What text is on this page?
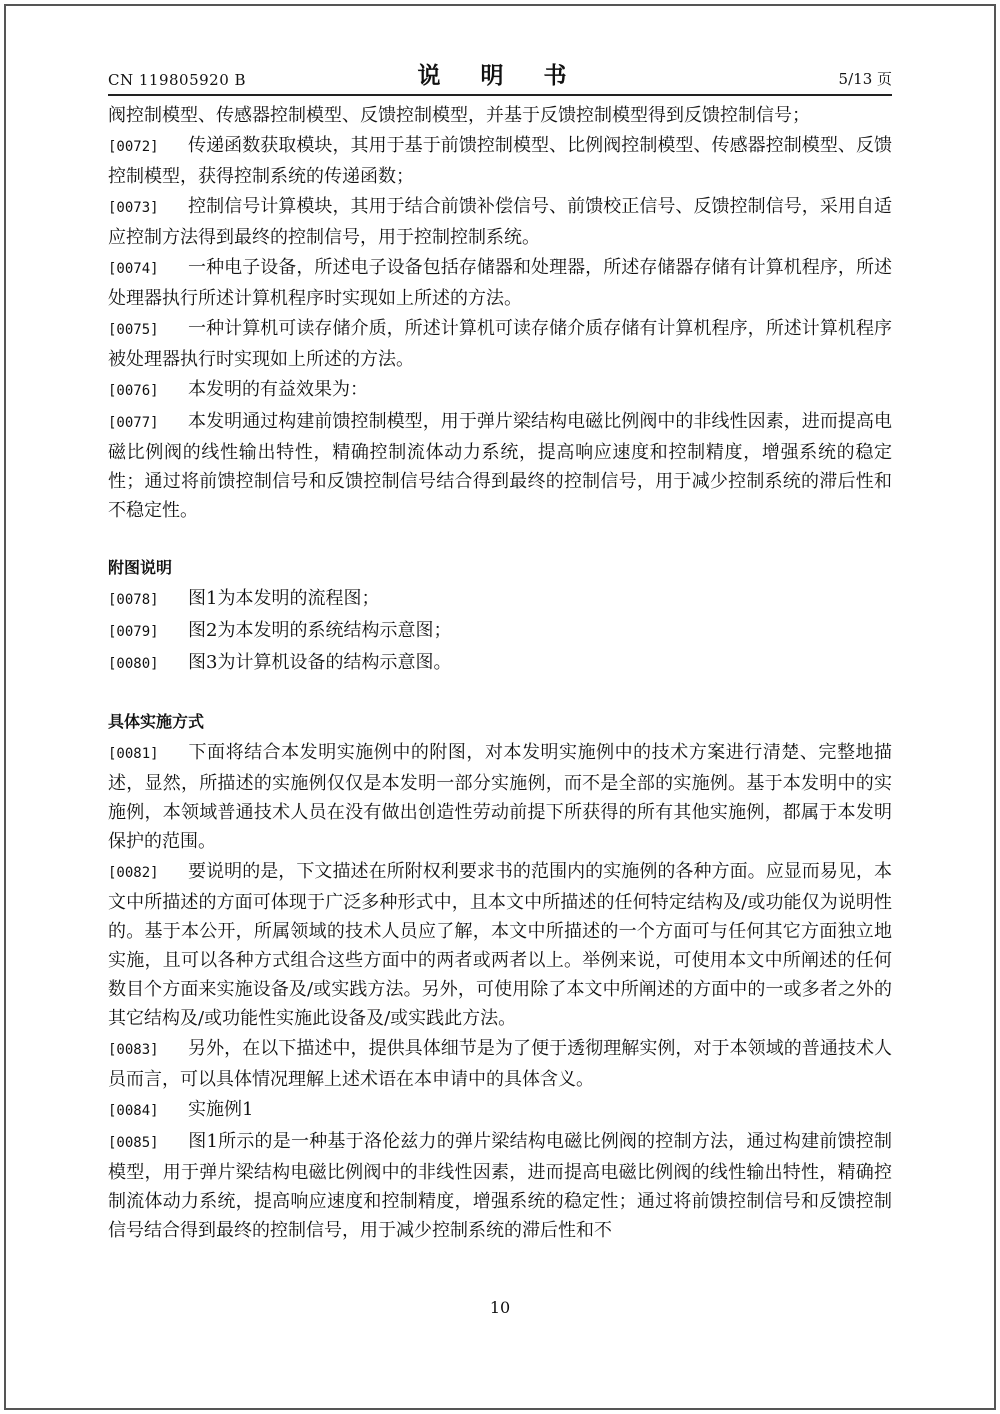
CN 119805920 B	说 明 书	5/13 页

阀控制模型、传感器控制模型、反馈控制模型，并基于反馈控制模型得到反馈控制信号；

[0072] 传递函数获取模块，其用于基于前馈控制模型、比例阀控制模型、传感器控制模型、反馈控制模型，获得控制系统的传递函数；

[0073] 控制信号计算模块，其用于结合前馈补偿信号、前馈校正信号、反馈控制信号，采用自适应控制方法得到最终的控制信号，用于控制控制系统。

[0074] 一种电子设备，所述电子设备包括存储器和处理器，所述存储器存储有计算机程序，所述处理器执行所述计算机程序时实现如上所述的方法。

[0075] 一种计算机可读存储介质，所述计算机可读存储介质存储有计算机程序，所述计算机程序被处理器执行时实现如上所述的方法。

[0076] 本发明的有益效果为：

[0077] 本发明通过构建前馈控制模型，用于弹片梁结构电磁比例阀中的非线性因素，进而提高电磁比例阀的线性输出特性，精确控制流体动力系统，提高响应速度和控制精度，增强系统的稳定性；通过将前馈控制信号和反馈控制信号结合得到最终的控制信号，用于减少控制系统的滞后性和不稳定性。

附图说明

[0078] 图1为本发明的流程图；

[0079] 图2为本发明的系统结构示意图；

[0080] 图3为计算机设备的结构示意图。

具体实施方式

[0081] 下面将结合本发明实施例中的附图，对本发明实施例中的技术方案进行清楚、完整地描述，显然，所描述的实施例仅仅是本发明一部分实施例，而不是全部的实施例。基于本发明中的实施例，本领域普通技术人员在没有做出创造性劳动前提下所获得的所有其他实施例，都属于本发明保护的范围。

[0082] 要说明的是，下文描述在所附权利要求书的范围内的实施例的各种方面。应显而易见，本文中所描述的方面可体现于广泛多种形式中，且本文中所描述的任何特定结构及/或功能仅为说明性的。基于本公开，所属领域的技术人员应了解，本文中所描述的一个方面可与任何其它方面独立地实施，且可以各种方式组合这些方面中的两者或两者以上。举例来说，可使用本文中所阐述的任何数目个方面来实施设备及/或实践方法。另外，可使用除了本文中所阐述的方面中的一或多者之外的其它结构及/或功能性实施此设备及/或实践此方法。

[0083] 另外，在以下描述中，提供具体细节是为了便于透彻理解实例，对于本领域的普通技术人员而言，可以具体情况理解上述术语在本申请中的具体含义。

[0084] 实施例1

[0085] 图1所示的是一种基于洛伦兹力的弹片梁结构电磁比例阀的控制方法，通过构建前馈控制模型，用于弹片梁结构电磁比例阀中的非线性因素，进而提高电磁比例阀的线性输出特性，精确控制流体动力系统，提高响应速度和控制精度，增强系统的稳定性；通过将前馈控制信号和反馈控制信号结合得到最终的控制信号，用于减少控制系统的滞后性和不

10
